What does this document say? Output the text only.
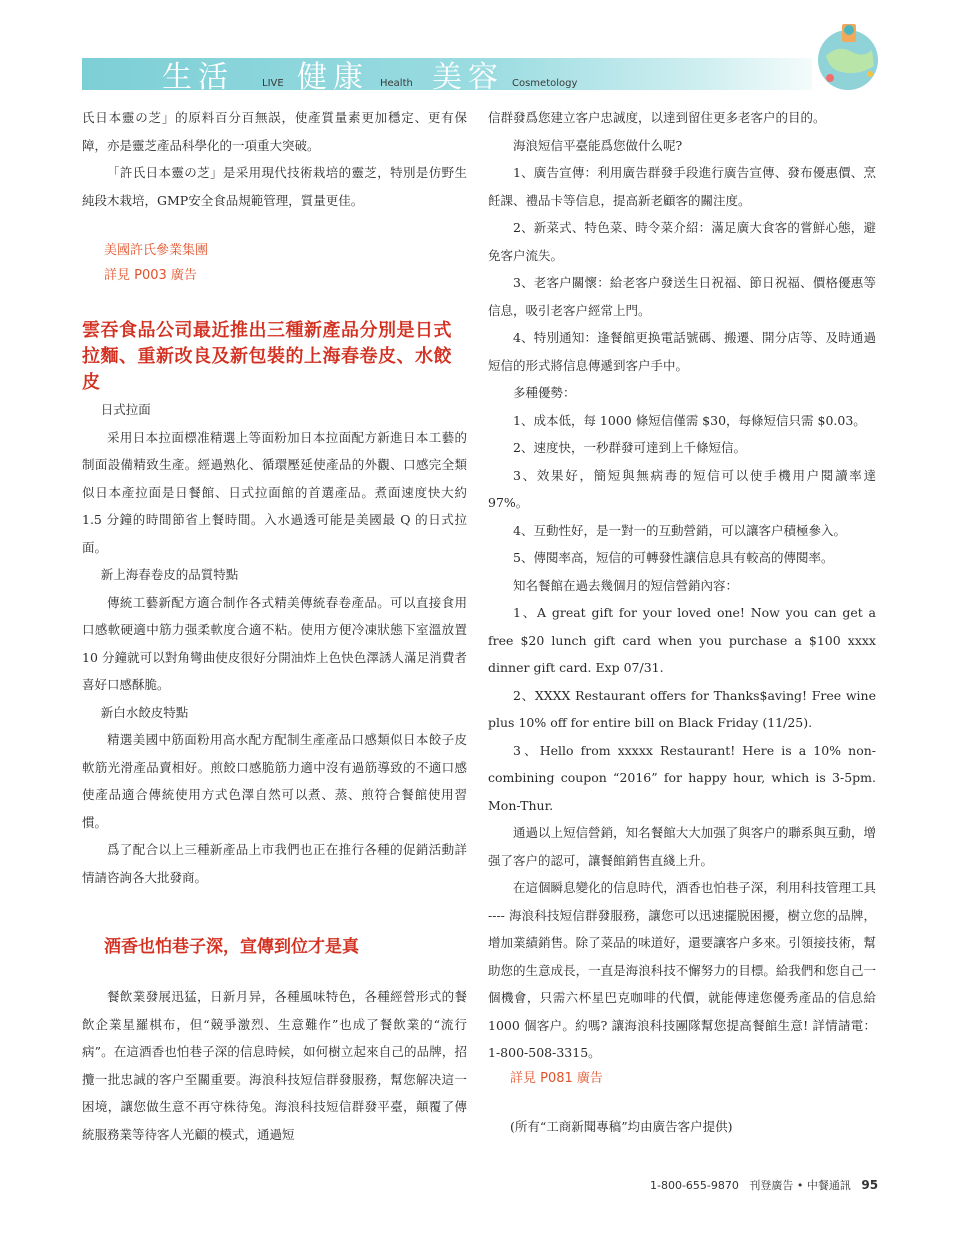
生活	LIVE 健康 Health 美容 Cosmetology

氏日本靈の芝」的原料百分百無誤，使產質量素更加穩定、更有保障，亦是靈芝產品科學化的一項重大突破。

「許氏日本靈の芝」是采用現代技術栽培的靈芝，特別是仿野生純段木栽培，GMP安全食品規範管理，質量更佳。

美國許氏參業集團
詳見 P003 廣告
雲吞食品公司最近推出三種新產品分別是日式拉麵、重新改良及新包裝的上海春卷皮、水餃皮

日式拉面

采用日本拉面標准精選上等面粉加日本拉面配方新進日本工藝的制面設備精致生產。經過熟化、循環壓延使產品的外觀、口感完全類似日本產拉面是日餐館、日式拉面館的首選產品。煮面速度快大約 1.5 分鐘的時間節省上餐時間。入水過透可能是美國最 Q 的日式拉面。

新上海春卷皮的品質特點

傳統工藝新配方適合制作各式精美傳統春卷產品。可以直接食用口感軟硬適中筋力强柔軟度合適不粘。使用方便冷凍狀態下室溫放置 10 分鐘就可以對角彎曲使皮很好分開油炸上色快色澤誘人滿足消費者喜好口感酥脆。

新白水餃皮特點

精選美國中筋面粉用高水配方配制生產產品口感類似日本餃子皮軟筋光滑產品賣相好。煎餃口感脆筋力適中沒有過筋導致的不適口感使產品適合傳統使用方式色澤自然可以煮、蒸、煎符合餐館使用習慣。

爲了配合以上三種新產品上市我們也正在推行各種的促銷活動詳情請咨詢各大批發商。

酒香也怕巷子深，宣傳到位才是真

餐飲業發展迅猛，日新月异，各種風味特色，各種經營形式的餐飲企業星羅棋布，但“競爭激烈、生意難作”也成了餐飲業的“流行病”。在這酒香也怕巷子深的信息時候，如何樹立起來自己的品牌，招攬一批忠誠的客户至關重要。海浪科技短信群發服務，幫您解决這一困境，讓您做生意不再守株待兔。海浪科技短信群發平臺，顛覆了傳統服務業等待客人光顧的模式，通過短

信群發爲您建立客户忠誠度，以達到留住更多老客户的目的。

海浪短信平臺能爲您做什么呢?

1、廣告宣傳：利用廣告群發手段進行廣告宣傳、發布優惠價、烹飪課、禮品卡等信息，提高新老顧客的關注度。

2、新菜式、特色菜、時令菜介紹：滿足廣大食客的嘗鮮心態，避免客户流失。

3、老客户關懷：給老客户發送生日祝福、節日祝福、價格優惠等信息，吸引老客户經常上門。

4、特別通知：逢餐館更换電話號碼、搬遷、開分店等、及時通過短信的形式將信息傳遞到客户手中。

多種優勢：

1、成本低，每 1000 條短信僅需 $30，每條短信只需 $0.03。

2、速度快，一秒群發可達到上千條短信。

3、效果好，簡短與無病毒的短信可以使手機用户閱讀率達 97%。

4、互動性好，是一對一的互動營銷，可以讓客户積極參入。

5、傳閱率高，短信的可轉發性讓信息具有較高的傳閱率。

知名餐館在過去幾個月的短信營銷內容：

1、A great gift for your loved one! Now you can get a free $20 lunch gift card when you purchase a $100 xxxx dinner gift card. Exp 07/31.

2、XXXX Restaurant offers for Thanks$aving! Free wine plus 10% off for entire bill on Black Friday (11/25).

3、Hello from xxxxx Restaurant! Here is a 10% non-combining coupon “2016” for happy hour, which is 3-5pm. Mon-Thur.

通過以上短信營銷，知名餐館大大加强了與客户的聯系與互動，增强了客户的認可，讓餐館銷售直綫上升。

在這個瞬息變化的信息時代，酒香也怕巷子深，利用科技管理工具 ---- 海浪科技短信群發服務，讓您可以迅速擺脱困擾，樹立您的品牌，增加業績銷售。除了菜品的味道好，還要讓客户多來。引領接技術，幫助您的生意成長，一直是海浪科技不懈努力的目標。給我們和您自己一個機會，只需六杯星巴克咖啡的代價，就能傳達您優秀產品的信息給 1000 個客户。約嗎? 讓海浪科技團隊幫您提高餐館生意! 詳情請電：1-800-508-3315。

詳見 P081 廣告
(所有“工商新聞專稿”均由廣告客户提供)
1-800-655-9870 刊登廣告 • 中餐通訊 95
